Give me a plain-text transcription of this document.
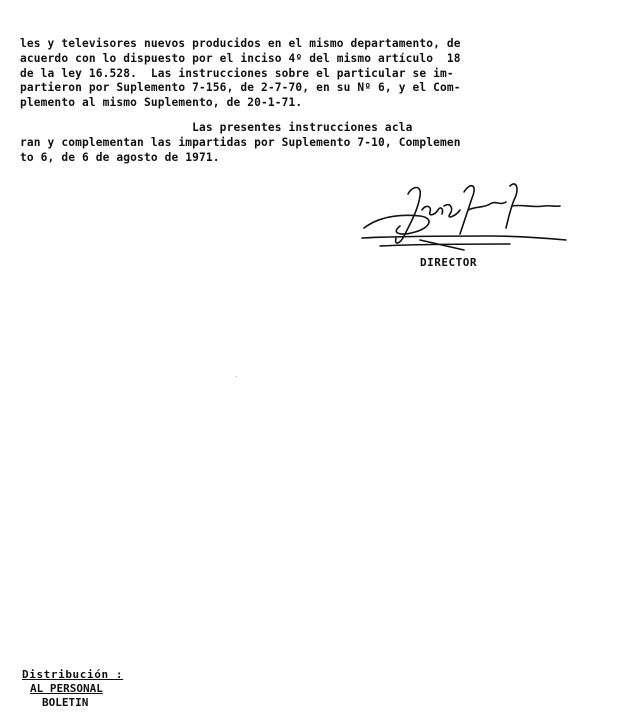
les y televisores nuevos producidos en el mismo departamento, de
acuerdo con lo dispuesto por el inciso 4º del mismo artículo  18
de la ley 16.528.  Las instrucciones sobre el particular se im-
partieron por Suplemento 7-156, de 2-7-70, en su Nº 6, y el Com-
plemento al mismo Suplemento, de 20-1-71.
Las presentes instrucciones acla
ran y complementan las impartidas por Suplemento 7-10, Complemen
to 6, de 6 de agosto de 1971.
DIRECTOR
Distribución :
AL PERSONAL
BOLETIN
